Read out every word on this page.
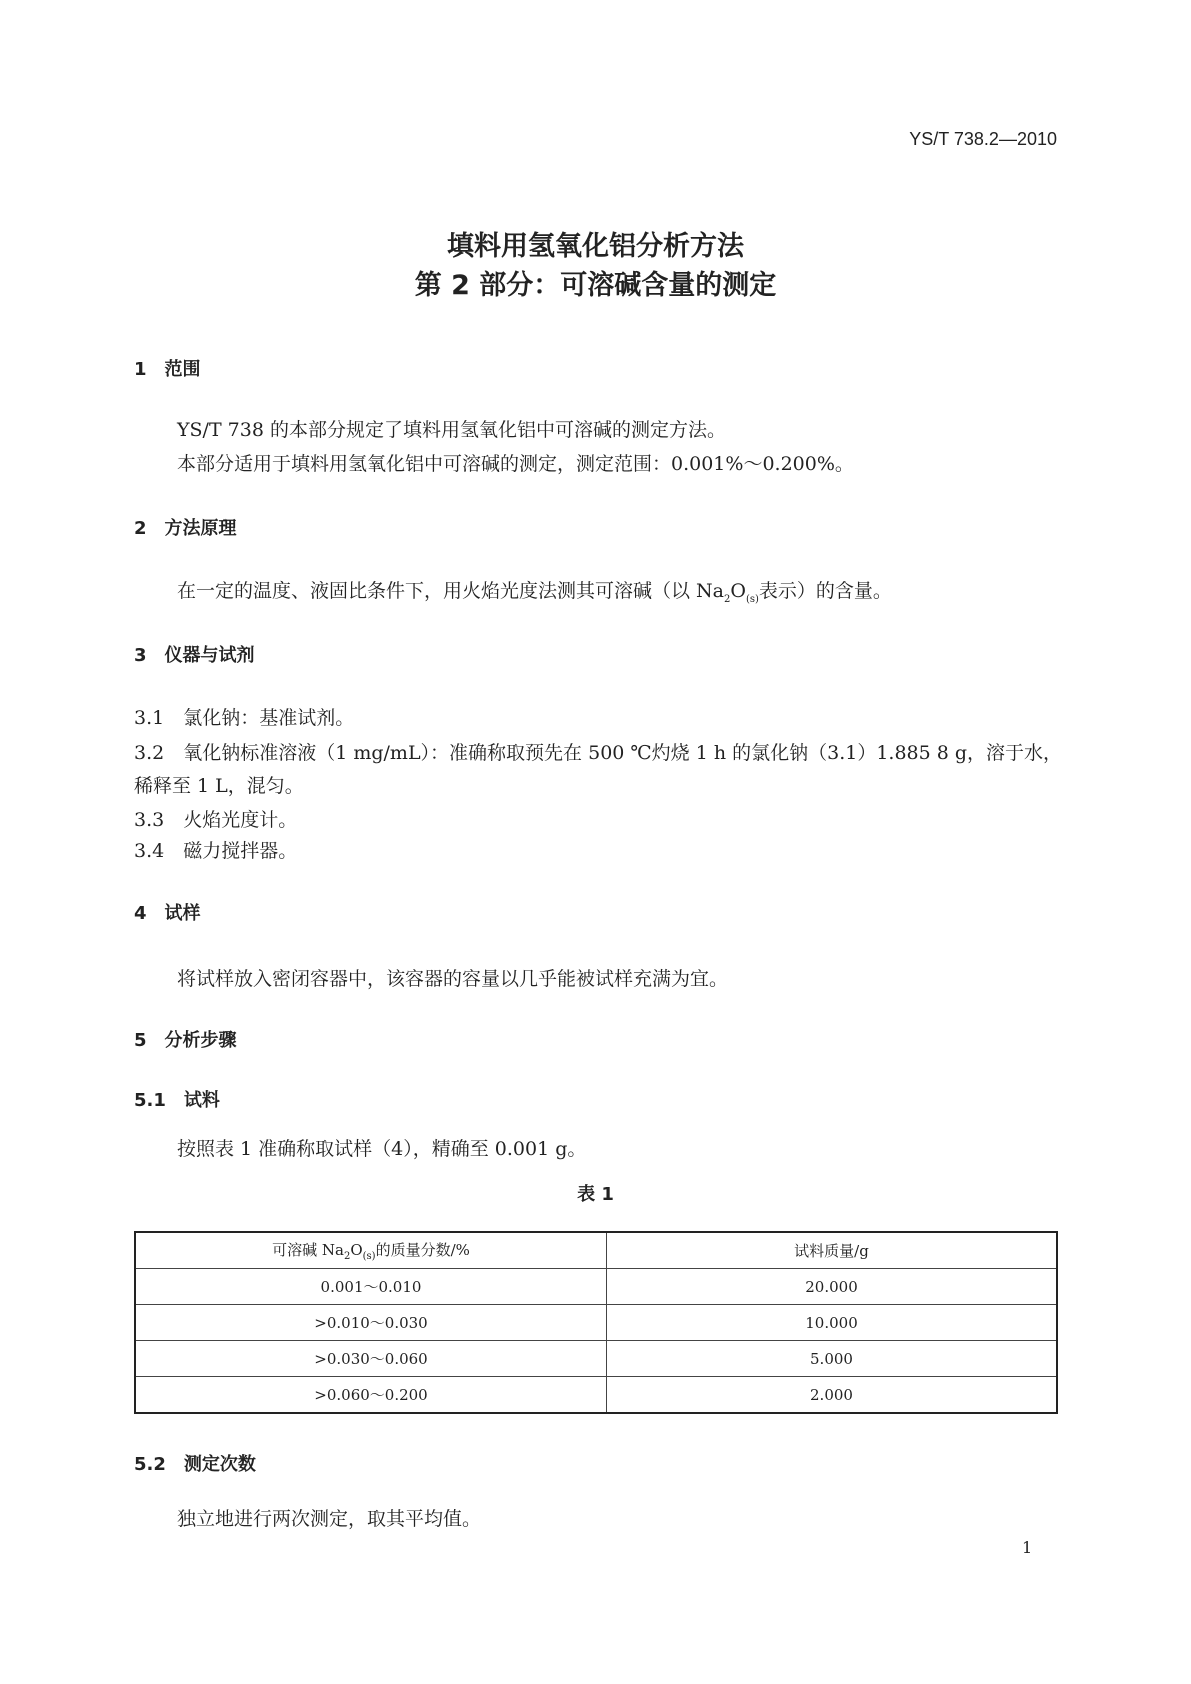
YS/T 738.2—2010
填料用氢氧化铝分析方法
第 2 部分：可溶碱含量的测定
1　范围
YS/T 738 的本部分规定了填料用氢氧化铝中可溶碱的测定方法。
本部分适用于填料用氢氧化铝中可溶碱的测定，测定范围：0.001%～0.200%。
2　方法原理
在一定的温度、液固比条件下，用火焰光度法测其可溶碱（以 $Na_2O_{(s)}$表示）的含量。
3　仪器与试剂
3.1　氯化钠：基准试剂。
3.2　氧化钠标准溶液（1 mg/mL）：准确称取预先在 500 ℃灼烧 1 h 的氯化钠（3.1）1.885 8 g，溶于水，
稀释至 1 L，混匀。
3.3　火焰光度计。
3.4　磁力搅拌器。
4　试样
将试样放入密闭容器中，该容器的容量以几乎能被试样充满为宜。
5　分析步骤
5.1　试料
按照表 1 准确称取试样（4），精确至 0.001 g。
表 1
可溶碱 $Na_2O_{(s)}$的质量分数/%	试料质量/g
0.001～0.010	20.000
>0.010～0.030	10.000
>0.030～0.060	5.000
>0.060～0.200	2.000
5.2　测定次数
独立地进行两次测定，取其平均值。
1
